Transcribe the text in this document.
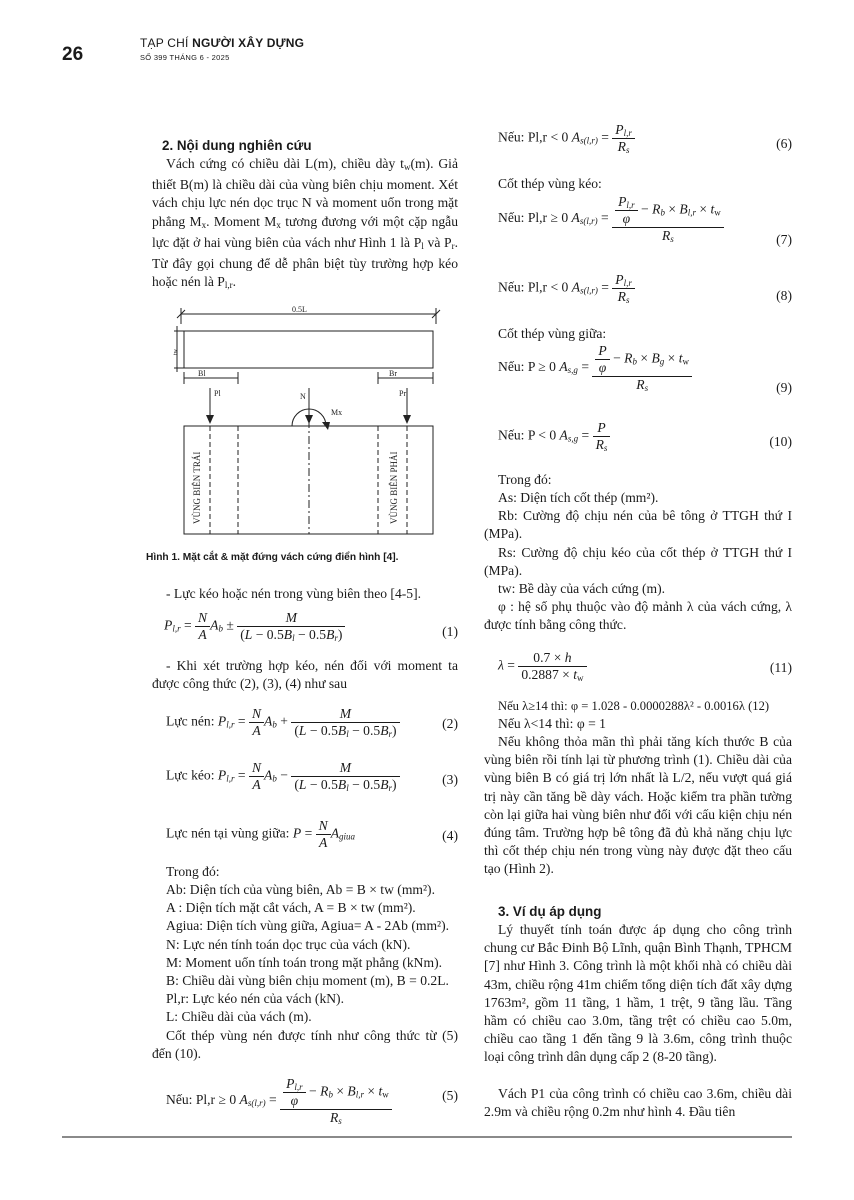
26
TẠP CHÍ NGƯỜI XÂY DỰNG
SỐ 399 THÁNG 6 - 2025
2. Nội dung nghiên cứu
Vách cứng có chiều dài L(m), chiều dày $t_w(m)$. Giả thiết B(m) là chiều dài của vùng biên chịu moment. Xét vách chịu lực nén dọc trục N và moment uốn trong mặt phẳng $M_x$. Moment $M_x$ tương đương với một cặp ngẫu lực đặt ở hai vùng biên của vách như Hình 1 là $P_l$ và $P_r$. Từ đây gọi chung để dễ phân biệt tùy trường hợp kéo hoặc nén là $P_{l,r}$.
0.5L
tw
Bl	Br
Pl	Pr
N
Mx
VÙNG BIÊN TRÁI	VÙNG BIÊN PHẢI
Hình 1. Mặt cắt & mặt đứng vách cứng điển hình [4].
- Lực kéo hoặc nén trong vùng biên theo [4-5].
$P_{l,r} = \frac{N}{A} A_b \pm \frac{M}{(L - 0.5B_l - 0.5B_r)}$	(1)
- Khi xét trường hợp kéo, nén đối với moment ta được công thức (2), (3), (4) như sau
Lực nén: $P_{l,r} = \frac{N}{A} A_b + \frac{M}{(L - 0.5B_l - 0.5B_r)}$	(2)
Lực kéo: $P_{l,r} = \frac{N}{A} A_b - \frac{M}{(L - 0.5B_l - 0.5B_r)}$	(3)
Lực nén tại vùng giữa: $P = \frac{N}{A} A_{giua}$	(4)
Trong đó:
Ab: Diện tích của vùng biên, Ab = B × tw (mm²).
A : Diện tích mặt cắt vách, A = B × tw (mm²).
Agiua: Diện tích vùng giữa, Agiua= A - 2Ab (mm²).
N: Lực nén tính toán dọc trục của vách (kN).
M: Moment uốn tính toán trong mặt phẳng (kNm).
B: Chiều dài vùng biên chịu moment (m), B = 0.2L.
Pl,r: Lực kéo nén của vách (kN).
L: Chiều dài của vách (m).
Cốt thép vùng nén được tính như công thức từ (5) đến (10).
Nếu: Pl,r ≥ 0 $A_{s(l,r)} = \frac{\frac{P_{l,r}}{\varphi} - R_b \times B_{l,r} \times t_w}{R_s}$	(5)
Nếu: Pl,r < 0 $A_{s(l,r)} = \frac{P_{l,r}}{R_s}$	(6)
Cốt thép vùng kéo:
Nếu: Pl,r ≥ 0 $A_{s(l,r)} = \frac{\frac{P_{l,r}}{\varphi} - R_b \times B_{l,r} \times t_w}{R_s}$	(7)
Nếu: Pl,r < 0 $A_{s(l,r)} = \frac{P_{l,r}}{R_s}$	(8)
Cốt thép vùng giữa:
Nếu: P ≥ 0 $A_{s,g} = \frac{\frac{P}{\varphi} - R_b \times B_g \times t_w}{R_s}$	(9)
Nếu: P < 0 $A_{s,g} = \frac{P}{R_s}$	(10)
Trong đó:
As: Diện tích cốt thép (mm²).
Rb: Cường độ chịu nén của bê tông ở TTGH thứ I (MPa).
Rs: Cường độ chịu kéo của cốt thép ở TTGH thứ I (MPa).
tw: Bề dày của vách cứng (m).
φ : hệ số phụ thuộc vào độ mảnh λ của vách cứng, λ được tính bằng công thức.
$\lambda = \frac{0.7 \times h}{0.2887 \times t_w}$	(11)
Nếu λ≥14 thì: φ = 1.028 - 0.0000288λ² - 0.0016λ (12)
Nếu λ<14 thì: φ = 1
Nếu không thỏa mãn thì phải tăng kích thước B của vùng biên rồi tính lại từ phương trình (1). Chiều dài của vùng biên B có giá trị lớn nhất là L/2, nếu vượt quá giá trị này cần tăng bề dày vách. Hoặc kiểm tra phần tường còn lại giữa hai vùng biên như đối với cấu kiện chịu nén đúng tâm. Trường hợp bê tông đã đủ khả năng chịu lực thì cốt thép chịu nén trong vùng này được đặt theo cấu tạo (Hình 2).
3. Ví dụ áp dụng
Lý thuyết tính toán được áp dụng cho công trình chung cư Bắc Đinh Bộ Lĩnh, quận Bình Thạnh, TPHCM [7] như Hình 3. Công trình là một khối nhà có chiều dài 43m, chiều rộng 41m chiếm tổng diện tích đất xây dựng 1763m², gồm 11 tầng, 1 hầm, 1 trệt, 9 tầng lầu. Tầng hầm có chiều cao 3.0m, tầng trệt có chiều cao 5.0m, chiều cao tầng 1 đến tầng 9 là 3.6m, công trình thuộc loại công trình dân dụng cấp 2 (8-20 tầng).
Vách P1 của công trình có chiều cao 3.6m, chiều dài 2.9m và chiều rộng 0.2m như hình 4. Đầu tiên
